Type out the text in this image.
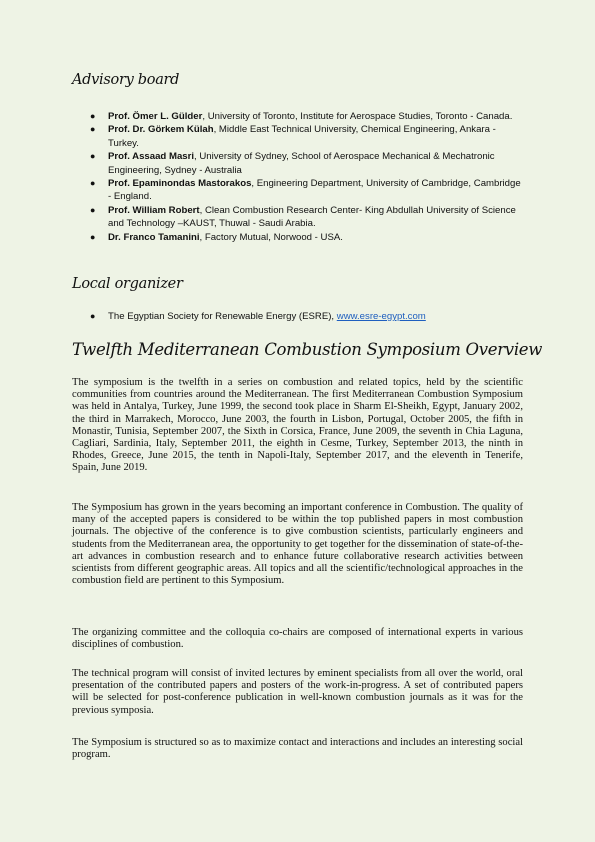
Advisory board
● Prof. Ömer L. Gülder, University of Toronto, Institute for Aerospace Studies, Toronto - Canada.
● Prof. Dr. Görkem Külah, Middle East Technical University, Chemical Engineering, Ankara - Turkey.
● Prof. Assaad Masri, University of Sydney, School of Aerospace Mechanical & Mechatronic Engineering, Sydney - Australia
● Prof. Epaminondas Mastorakos, Engineering Department, University of Cambridge, Cambridge - England.
● Prof. William Robert, Clean Combustion Research Center- King Abdullah University of Science and Technology –KAUST, Thuwal - Saudi Arabia.
● Dr. Franco Tamanini, Factory Mutual, Norwood - USA.
Local organizer
● The Egyptian Society for Renewable Energy (ESRE), www.esre-egypt.com
Twelfth Mediterranean Combustion Symposium Overview

The symposium is the twelfth in a series on combustion and related topics, held by the scientific communities from countries around the Mediterranean. The first Mediterranean Combustion Symposium was held in Antalya, Turkey, June 1999, the second took place in Sharm El-Sheikh, Egypt, January 2002, the third in Marrakech, Morocco, June 2003, the fourth in Lisbon, Portugal, October 2005, the fifth in Monastir, Tunisia, September 2007, the Sixth in Corsica, France, June 2009, the seventh in Chia Laguna, Cagliari, Sardinia, Italy, September 2011, the eighth in Cesme, Turkey, September 2013, the ninth in Rhodes, Greece, June 2015, the tenth in Napoli-Italy, September 2017, and the eleventh in Tenerife, Spain, June 2019.

The Symposium has grown in the years becoming an important conference in Combustion. The quality of many of the accepted papers is considered to be within the top published papers in most combustion journals. The objective of the conference is to give combustion scientists, particularly engineers and students from the Mediterranean area, the opportunity to get together for the dissemination of state-of-the-art advances in combustion research and to enhance future collaborative research activities between scientists from different geographic areas. All topics and all the scientific/technological approaches in the combustion field are pertinent to this Symposium.

The organizing committee and the colloquia co-chairs are composed of international experts in various disciplines of combustion.

The technical program will consist of invited lectures by eminent specialists from all over the world, oral presentation of the contributed papers and posters of the work-in-progress. A set of contributed papers will be selected for post-conference publication in well-known combustion journals as it was for the previous symposia.

The Symposium is structured so as to maximize contact and interactions and includes an interesting social program.
